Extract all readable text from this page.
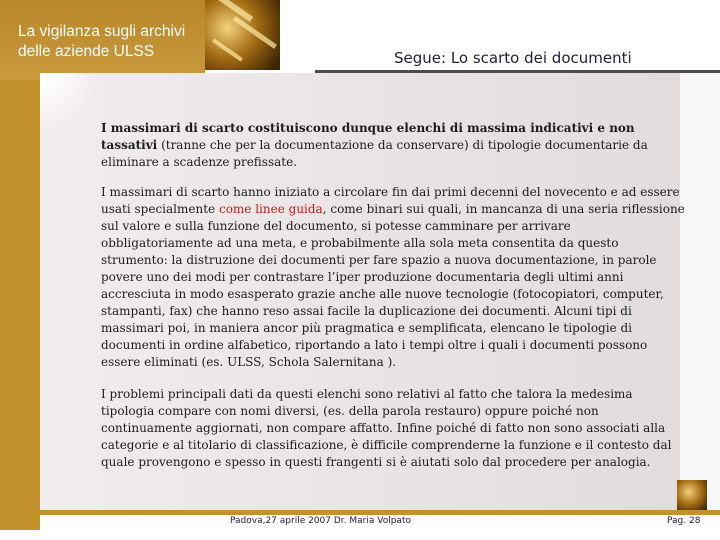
La vigilanza sugli archivi
delle aziende ULSS	Segue: Lo scarto dei documenti

I massimari di scarto costituiscono dunque elenchi di massima indicativi e non tassativi (tranne che per la documentazione da conservare) di tipologie documentarie da eliminare a scadenze prefissate.

I massimari di scarto hanno iniziato a circolare fin dai primi decenni del novecento e ad essere usati specialmente come linee guida, come binari sui quali, in mancanza di una seria riflessione sul valore e sulla funzione del documento, si potesse camminare per arrivare obbligatoriamente ad una meta, e probabilmente alla sola meta consentita da questo strumento: la distruzione dei documenti per fare spazio a nuova documentazione, in parole povere uno dei modi per contrastare l’iper produzione documentaria degli ultimi anni accresciuta in modo esasperato grazie anche alle nuove tecnologie (fotocopiatori, computer, stampanti, fax) che hanno reso assai facile la duplicazione dei documenti. Alcuni tipi di massimari poi, in maniera ancor più pragmatica e semplificata, elencano le tipologie di documenti in ordine alfabetico, riportando a lato i tempi oltre i quali i documenti possono essere eliminati (es. ULSS, Schola Salernitana ).

I problemi principali dati da questi elenchi sono relativi al fatto che talora la medesima tipologia compare con nomi diversi, (es. della parola restauro) oppure poiché non continuamente aggiornati, non compare affatto. Infine poiché di fatto non sono associati alla categorie e al titolario di classificazione, è difficile comprenderne la funzione e il contesto dal quale provengono e spesso in questi frangenti si è aiutati solo dal procedere per analogia.

Padova,27 aprile 2007 Dr. Maria Volpato	Pag. 28
